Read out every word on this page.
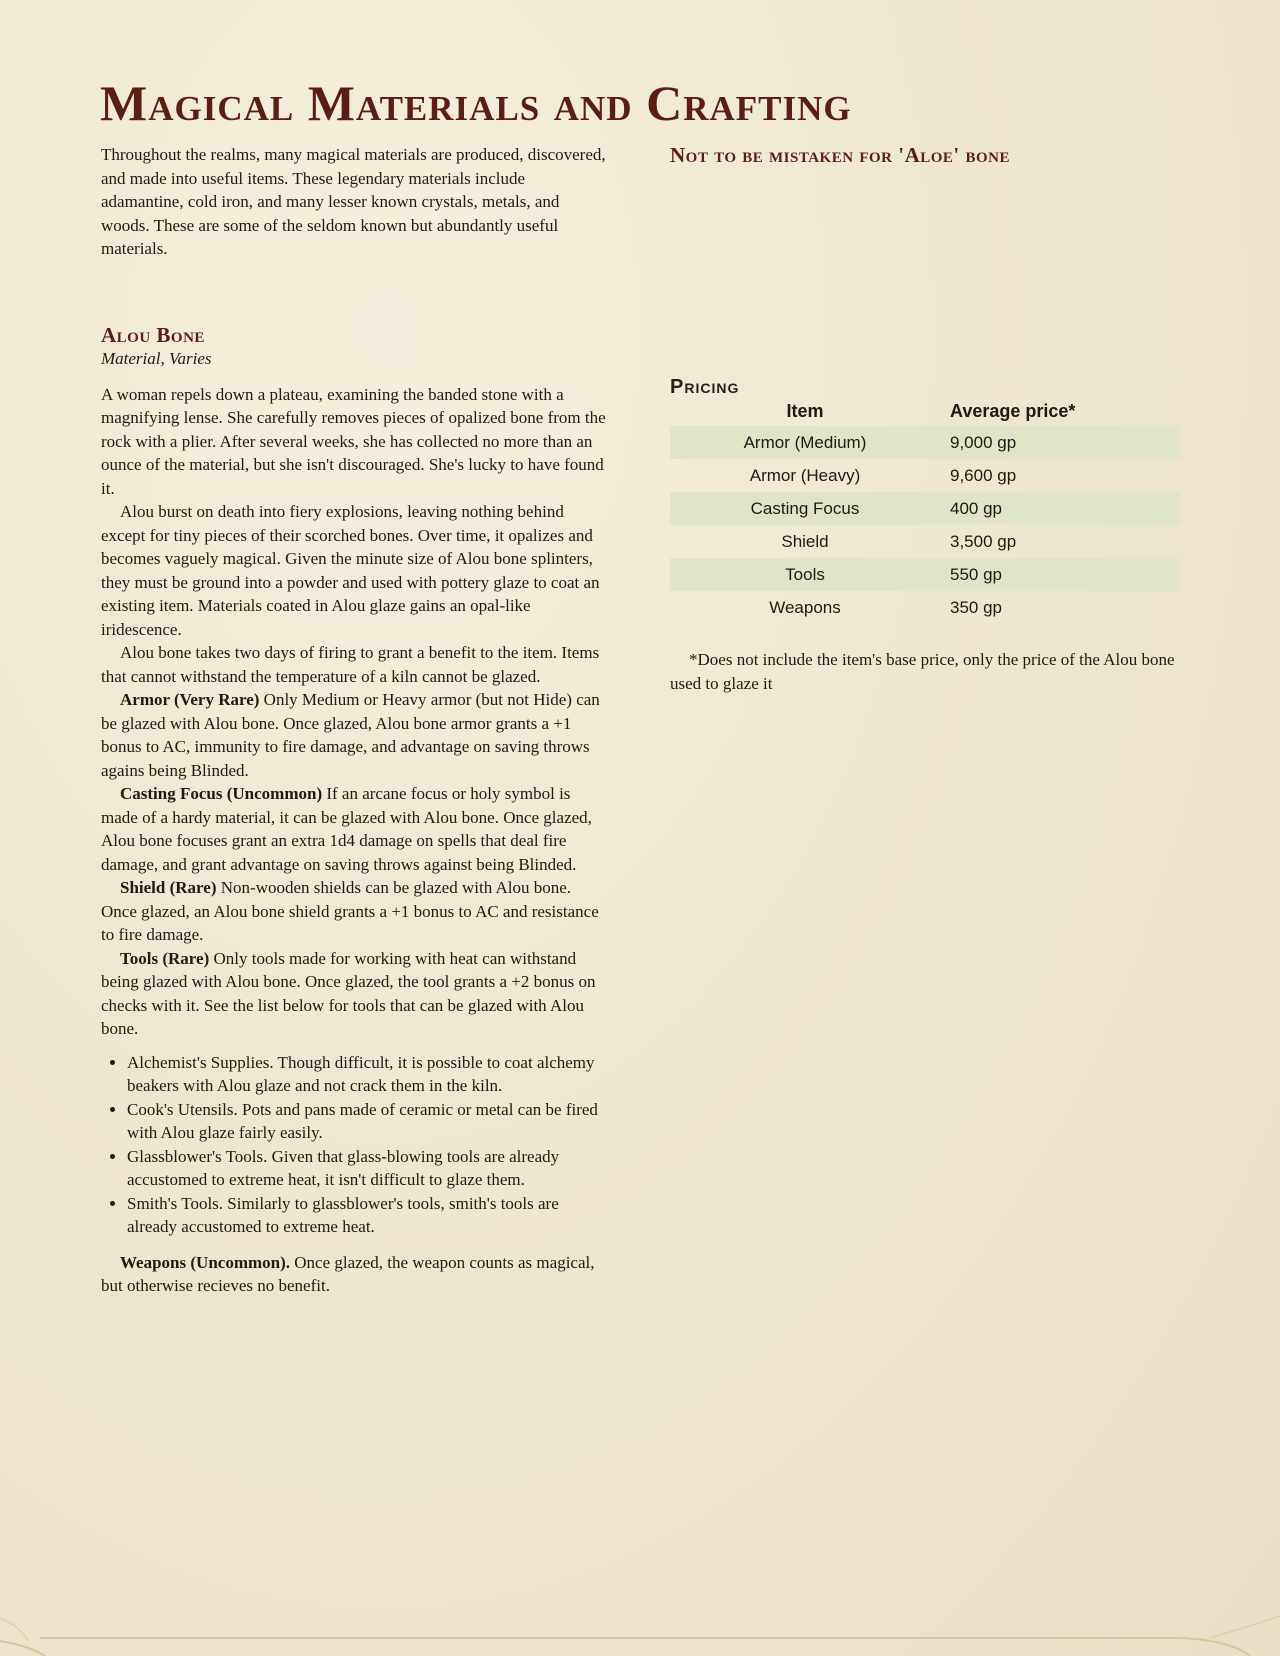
Magical Materials and Crafting

Throughout the realms, many magical materials are produced, discovered, and made into useful items. These legendary materials include adamantine, cold iron, and many lesser known crystals, metals, and woods. These are some of the seldom known but abundantly useful materials.

Alou Bone
Material, Varies

A woman repels down a plateau, examining the banded stone with a magnifying lense. She carefully removes pieces of opalized bone from the rock with a plier. After several weeks, she has collected no more than an ounce of the material, but she isn't discouraged. She's lucky to have found it.

Alou burst on death into fiery explosions, leaving nothing behind except for tiny pieces of their scorched bones. Over time, it opalizes and becomes vaguely magical. Given the minute size of Alou bone splinters, they must be ground into a powder and used with pottery glaze to coat an existing item. Materials coated in Alou glaze gains an opal-like iridescence.

Alou bone takes two days of firing to grant a benefit to the item. Items that cannot withstand the temperature of a kiln cannot be glazed.

Armor (Very Rare) Only Medium or Heavy armor (but not Hide) can be glazed with Alou bone. Once glazed, Alou bone armor grants a +1 bonus to AC, immunity to fire damage, and advantage on saving throws agains being Blinded.

Casting Focus (Uncommon) If an arcane focus or holy symbol is made of a hardy material, it can be glazed with Alou bone. Once glazed, Alou bone focuses grant an extra 1d4 damage on spells that deal fire damage, and grant advantage on saving throws against being Blinded.

Shield (Rare) Non-wooden shields can be glazed with Alou bone. Once glazed, an Alou bone shield grants a +1 bonus to AC and resistance to fire damage.

Tools (Rare) Only tools made for working with heat can withstand being glazed with Alou bone. Once glazed, the tool grants a +2 bonus on checks with it. See the list below for tools that can be glazed with Alou bone.

• Alchemist's Supplies. Though difficult, it is possible to coat alchemy beakers with Alou glaze and not crack them in the kiln.
• Cook's Utensils. Pots and pans made of ceramic or metal can be fired with Alou glaze fairly easily.
• Glassblower's Tools. Given that glass-blowing tools are already accustomed to extreme heat, it isn't difficult to glaze them.
• Smith's Tools. Similarly to glassblower's tools, smith's tools are already accustomed to extreme heat.

Weapons (Uncommon). Once glazed, the weapon counts as magical, but otherwise recieves no benefit.

Not to be mistaken for 'Aloe' bone
Pricing
Item	Average price*
Armor (Medium)	9,000 gp
Armor (Heavy)	9,600 gp
Casting Focus	400 gp
Shield	3,500 gp
Tools	550 gp
Weapons	350 gp

*Does not include the item's base price, only the price of the Alou bone used to glaze it
